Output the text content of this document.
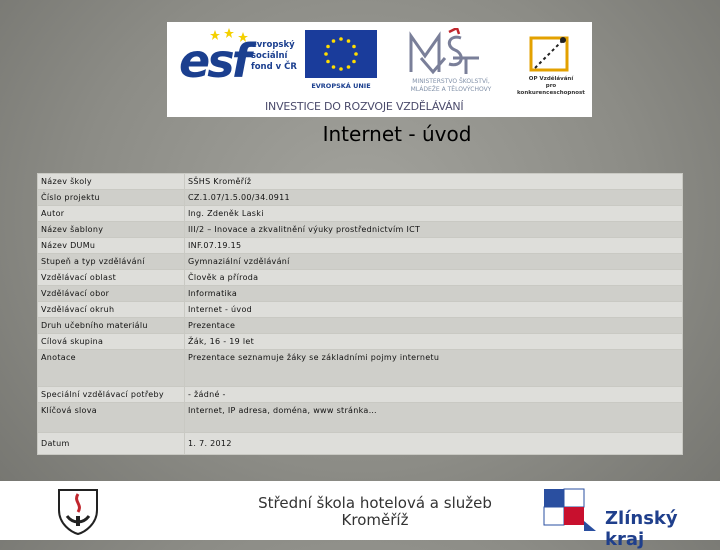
esf evropský
sociální
fond v ČR
EVROPSKÁ UNIE
MINISTERSTVO ŠKOLSTVÍ,
MLÁDEŽE A TĚLOVÝCHOVY
OP Vzdělávání
pro konkurenceschopnost
INVESTICE DO ROZVOJE VZDĚLÁVÁNÍ
Internet - úvod
Název školy	SŠHS Kroměříž
Číslo projektu	CZ.1.07/1.5.00/34.0911
Autor	Ing. Zdeněk Laski
Název šablony	III/2 – Inovace a zkvalitnění výuky prostřednictvím ICT
Název DUMu	INF.07.19.15
Stupeň a typ vzdělávání	Gymnaziální vzdělávání
Vzdělávací oblast	Člověk a příroda
Vzdělávací obor	Informatika
Vzdělávací okruh	Internet - úvod
Druh učebního materiálu	Prezentace
Cílová skupina	Žák, 16 - 19 let
Anotace	Prezentace seznamuje žáky se základními pojmy internetu
Speciální vzdělávací potřeby	- žádné -
Klíčová slova	Internet, IP adresa, doména, www stránka…
Datum	1. 7. 2012
Střední škola hotelová a služeb
Kroměříž	Zlínský kraj
